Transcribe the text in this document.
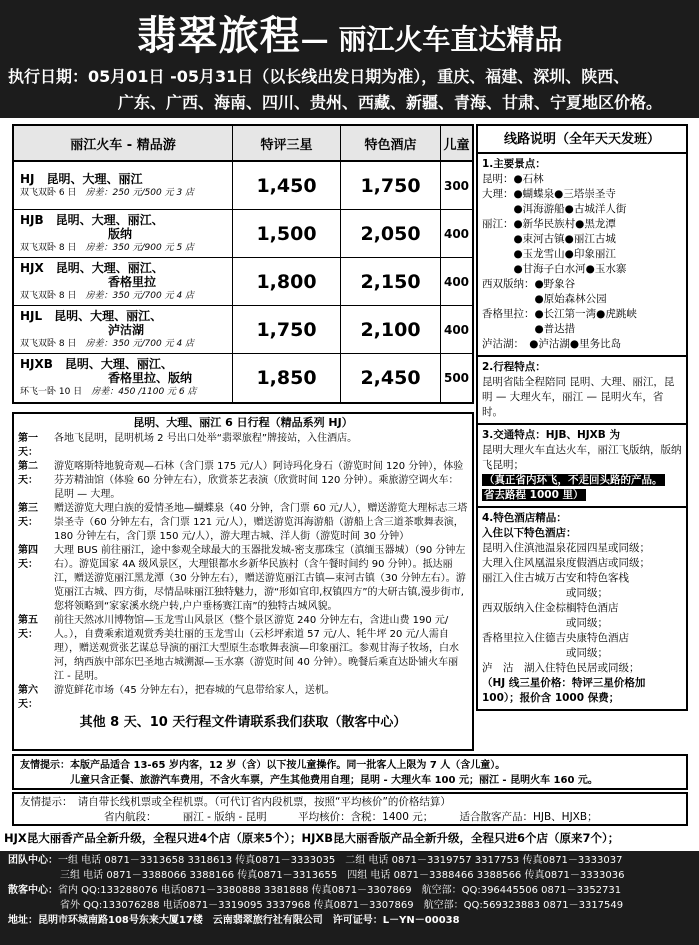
翡翠旅程— 丽江火车直达精品
执行日期：05月01日 -05月31日（以长线出发日期为准），重庆、福建、深圳、陕西、
广东、广西、海南、四川、贵州、西藏、新疆、青海、甘肃、宁夏地区价格。
丽江火车 - 精品游	特评三星	特色酒店	儿童
HJ　 昆明、大理、丽江
双飞双卧 6 日　 房差：250 元/500 元 3 店	1,450	1,750	300
HJB　 昆明、大理、丽江、
版纳
双飞双卧 8 日　 房差：350 元/900 元 5 店
1,500	2,050	400
HJX　 昆明、大理、丽江、
香格里拉
双飞双卧 8 日　 房差：350 元/700 元 4 店
1,800	2,150	400
HJL　 昆明、大理、丽江、
泸沽湖
双飞双卧 8 日　 房差：350 元/700 元 4 店
1,750	2,100	400
HJXB　 昆明、大理、丽江、
香格里拉、版纳
环飞一卧 10 日　 房差：450 /1100 元 6 店
1,850	2,450	500
昆明、大理、丽江 6 日行程（精品系列 HJ）
第一天：
各地飞昆明，昆明机场 2 号出口处举“翡翠旅程”牌接站，入住酒店。
第二天：
游览喀斯特地貌奇观—石林（含门票 175 元/人）阿诗玛化身石（游览时间 120 分钟），体验芬芳精油馆（体验 60 分钟左右），欣赏茶艺表演（欣赏时间 120 分钟）。乘旅游空调火车：昆明 — 大理。
第三天：
赠送游览大理白族的爱情圣地—蝴蝶泉（40 分钟，含门票 60 元/人），赠送游览大理标志三塔崇圣寺（60 分钟左右，含门票 121 元/人），赠送游览洱海游船（游船上含三道茶歌舞表演，180 分钟左右，含门票 150 元/人），游大理古城、洋人街（游览时间 30 分钟）
第四天：
大理 BUS 前往丽江，途中参观全球最大的玉器批发城-密支那珠宝（滇缅玉器城）（90 分钟左右）。游览国家 4A 级风景区，大理银都水乡新华民族村（含午餐时间约 90 分钟）。抵达丽江，赠送游览丽江黑龙潭（30 分钟左右），赠送游览丽江古镇—束河古镇（30 分钟左右）。游览丽江古城、四方街，尽情品味丽江独特魅力，游“形如官印,权镇四方”的大研古镇,漫步街市,您将领略到“家家溪水绕户转,户户垂杨赛江南”的独特古城风貌。
第五天：
前往天然冰川博物馆—玉龙雪山风景区（整个景区游览 240 分钟左右，含进山费 190 元/人。），自费乘索道观赏秀美壮丽的玉龙雪山（云杉坪索道 57 元/人、牦牛坪 20 元/人需自理），赠送观赏张艺谋总导演的丽江大型原生态歌舞表演—印象丽江。参观甘海子牧场，白水河，纳西族中部东巴圣地古城溯源—玉水寨（游览时间 40 分钟）。晚餐后乘直达卧铺火车丽江 - 昆明。
第六天：
游览鲜花市场（45 分钟左右），把春城的气息带给家人，送机。
其他 8 天、10 天行程文件请联系我们获取（散客中心）
线路说明（全年天天发班）
1.主要景点：
昆明：●石林
大理：●蝴蝶泉●三塔崇圣寺
　　　●洱海游船●古城洋人街
丽江：●新华民族村●黑龙潭
　　　●束河古镇●丽江古城
　　　●玉龙雪山●印象丽江
　　　●甘海子白水河●玉水寨
西双版纳：●野象谷
　　　　　●原始森林公园
香格里拉：●长江第一湾●虎跳峡
　　　　　●普达措
泸沽湖：　●泸沽湖●里务比岛
2.行程特点：
昆明省陆全程陪同 昆明、大理、丽江，昆明 — 大理火车，丽江 — 昆明火车，省时。
3.交通特点：HJB、HJXB 为
昆明大理火车直达火车，丽江飞版纳，版纳飞昆明；
（真正省内环飞，不走回头路的产品。
省去路程 1000 里）
4.特色酒店精品：
入住以下特色酒店：
昆明入住滇池温泉花园四星或同级；
大理入住风凰温泉度假酒店或同级；
丽江入住古城万古安和特色客栈
　　　　　　　　或同级；
西双版纳入住金棕榈特色酒店
　　　　　　　　或同级；
香格里拉入住德吉央康特色酒店
　　　　　　　　或同级；
泸　沽　湖入住特色民居或同级；
（HJ 线三星价格：特评三星价格加 100）；报价含 1000 保费；
友情提示：本版产品适合 13-65 岁内客，12 岁（含）以下按儿童操作。同一批客人上限为 7 人（含儿童）。
　　　　　儿童只含正餐、旅游汽车费用，不含火车票，产生其他费用自理；昆明 - 大理火车 100 元；丽江 - 昆明火车 160 元。
友情提示：　请自带长线机票或全程机票。（可代订省内段机票，按照“平均核价”的价格结算）
　　　　　　　　省内航段：　　　丽江 - 版纳 - 昆明　　　平均核价：含税：1400 元；　　　适合散客产品：HJB、HJXB；
HJX昆大丽香产品全新升级，全程只进4个店（原来5个）；HJXB昆大丽香版产品全新升级，全程只进6个店（原来7个）；
团队中心：一组 电话 0871－3313658 3318613 传真0871－3333035　 二组 电话 0871－3319757 3317753 传真0871－3333037
三组 电话 0871－3388066 3388166 传真0871－3313655　 四组 电话 0871－3388466 3388566 传真0871－3333036
散客中心：省内 QQ:133288076 电话0871－3380888 3381888 传真0871－3307869　 航空部：QQ:396445506 0871－3352731
省外 QQ:133076288 电话0871－3319095 3337968 传真0871－3307869　 航空部：QQ:569323883 0871－3317549
地址：昆明市环城南路108号东来大厦17楼　云南翡翠旅行社有限公司　许可证号：L－YN－00038
